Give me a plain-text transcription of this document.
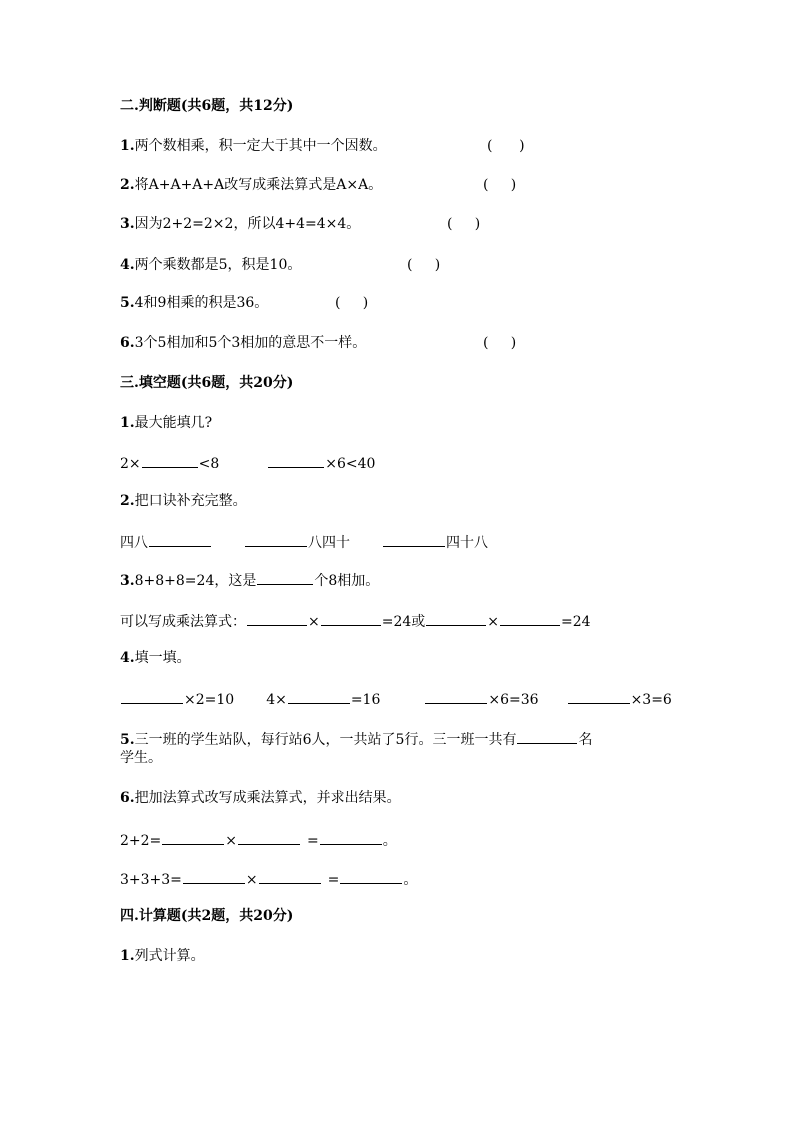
二.判断题(共6题，共12分)
1.两个数相乘，积一定大于其中一个因数。	(      )
2.将A+A+A+A改写成乘法算式是A×A。	(     )
3.因为2+2=2×2，所以4+4=4×4。	(     )
4.两个乘数都是5，积是10。	(     )
5.4和9相乘的积是36。	(     )
6.3个5相加和5个3相加的意思不一样。	(     )
三.填空题(共6题，共20分)
1.最大能填几?
2×	<8	×6<40
2.把口诀补充完整。
四八	八四十	四十八
3.8+8+8=24，这是	个8相加。
可以写成乘法算式：	×	=24或	×	=24
4.填一填。
×2=10 4×	=16	×6=36	×3=6
5.三一班的学生站队，每行站6人，一共站了5行。三一班一共有	名
学生。
6.把加法算式改写成乘法算式，并求出结果。
2+2=	×	=	。
3+3+3=	×	=	。
四.计算题(共2题，共20分)
1.列式计算。
